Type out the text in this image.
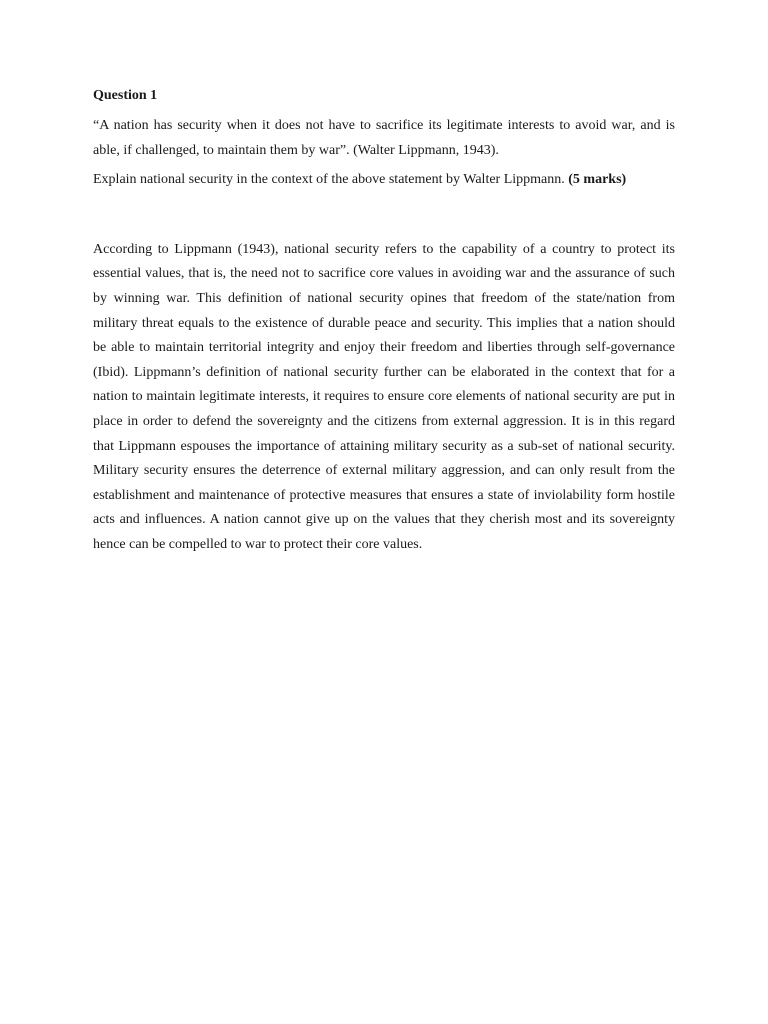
Question 1

“A nation has security when it does not have to sacrifice its legitimate interests to avoid war, and is able, if challenged, to maintain them by war”. (Walter Lippmann, 1943).

Explain national security in the context of the above statement by Walter Lippmann. (5 marks)

According to Lippmann (1943), national security refers to the capability of a country to protect its essential values, that is, the need not to sacrifice core values in avoiding war and the assurance of such by winning war. This definition of national security opines that freedom of the state/nation from military threat equals to the existence of durable peace and security. This implies that a nation should be able to maintain territorial integrity and enjoy their freedom and liberties through self-governance (Ibid). Lippmann’s definition of national security further can be elaborated in the context that for a nation to maintain legitimate interests, it requires to ensure core elements of national security are put in place in order to defend the sovereignty and the citizens from external aggression. It is in this regard that Lippmann espouses the importance of attaining military security as a sub-set of national security. Military security ensures the deterrence of external military aggression, and can only result from the establishment and maintenance of protective measures that ensures a state of inviolability form hostile acts and influences. A nation cannot give up on the values that they cherish most and its sovereignty hence can be compelled to war to protect their core values.
